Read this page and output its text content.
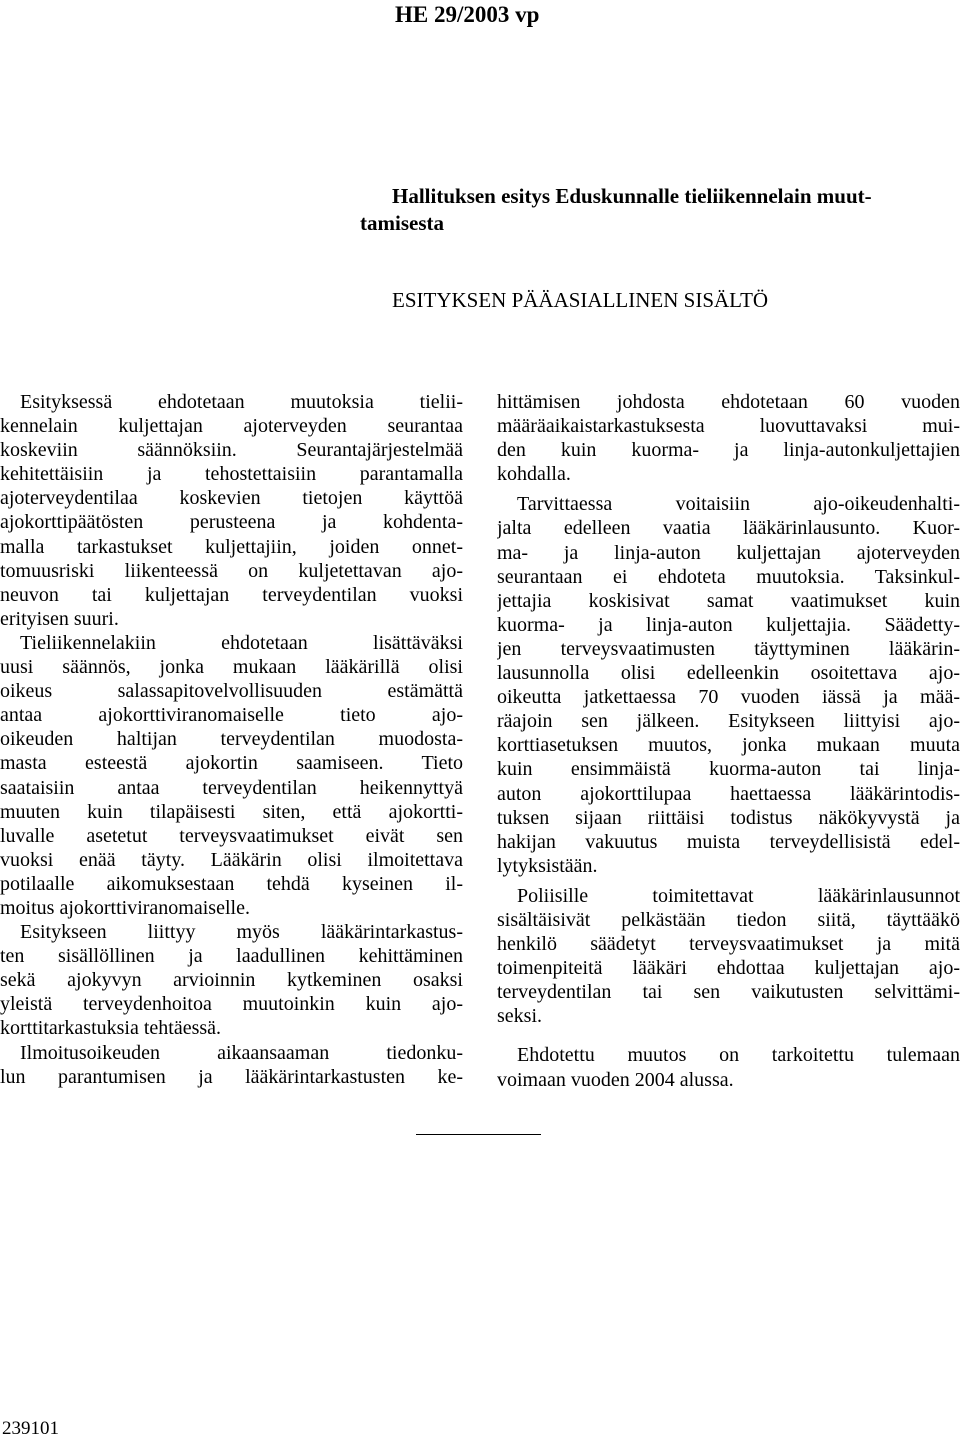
HE 29/2003 vp
Hallituksen esitys Eduskunnalle tieliikennelain muut-
tamisesta
ESITYKSEN PÄÄASIALLINEN SISÄLTÖ
Esityksessä ehdotetaan muutoksia tielii-
kennelain kuljettajan ajoterveyden seurantaa
koskeviin säännöksiin. Seurantajärjestelmää
kehitettäisiin ja tehostettaisiin parantamalla
ajoterveydentilaa koskevien tietojen käyttöä
ajokorttipäätösten perusteena ja kohdenta-
malla tarkastukset kuljettajiin, joiden onnet-
tomuusriski liikenteessä on kuljetettavan ajo-
neuvon tai kuljettajan terveydentilan vuoksi
erityisen suuri.
Tieliikennelakiin ehdotetaan lisättäväksi
uusi säännös, jonka mukaan lääkärillä olisi
oikeus salassapitovelvollisuuden estämättä
antaa ajokorttiviranomaiselle tieto ajo-
oikeuden haltijan terveydentilan muodosta-
masta esteestä ajokortin saamiseen. Tieto
saataisiin antaa terveydentilan heikennyttyä
muuten kuin tilapäisesti siten, että ajokortti-
luvalle asetetut terveysvaatimukset eivät sen
vuoksi enää täyty. Lääkärin olisi ilmoitettava
potilaalle aikomuksestaan tehdä kyseinen il-
moitus ajokorttiviranomaiselle.
Esitykseen liittyy myös lääkärintarkastus-
ten sisällöllinen ja laadullinen kehittäminen
sekä ajokyvyn arvioinnin kytkeminen osaksi
yleistä terveydenhoitoa muutoinkin kuin ajo-
korttitarkastuksia tehtäessä.
Ilmoitusoikeuden aikaansaaman tiedonku-
lun parantumisen ja lääkärintarkastusten ke-
hittämisen johdosta ehdotetaan 60 vuoden
määräaikaistarkastuksesta luovuttavaksi mui-
den kuin kuorma- ja linja-autonkuljettajien
kohdalla.
Tarvittaessa voitaisiin ajo-oikeudenhalti-
jalta edelleen vaatia lääkärinlausunto. Kuor-
ma- ja linja-auton kuljettajan ajoterveyden
seurantaan ei ehdoteta muutoksia. Taksinkul-
jettajia koskisivat samat vaatimukset kuin
kuorma- ja linja-auton kuljettajia. Säädetty-
jen terveysvaatimusten täyttyminen lääkärin-
lausunnolla olisi edelleenkin osoitettava ajo-
oikeutta jatkettaessa 70 vuoden iässä ja mää-
räajoin sen jälkeen. Esitykseen liittyisi ajo-
korttiasetuksen muutos, jonka mukaan muuta
kuin ensimmäistä kuorma-auton tai linja-
auton ajokorttilupaa haettaessa lääkärintodis-
tuksen sijaan riittäisi todistus näkökyvystä ja
hakijan vakuutus muista terveydellisistä edel-
lytyksistään.
Poliisille toimitettavat lääkärinlausunnot
sisältäisivät pelkästään tiedon siitä, täyttääkö
henkilö säädetyt terveysvaatimukset ja mitä
toimenpiteitä lääkäri ehdottaa kuljettajan ajo-
terveydentilan tai sen vaikutusten selvittämi-
seksi.
Ehdotettu muutos on tarkoitettu tulemaan
voimaan vuoden 2004 alussa.
239101
